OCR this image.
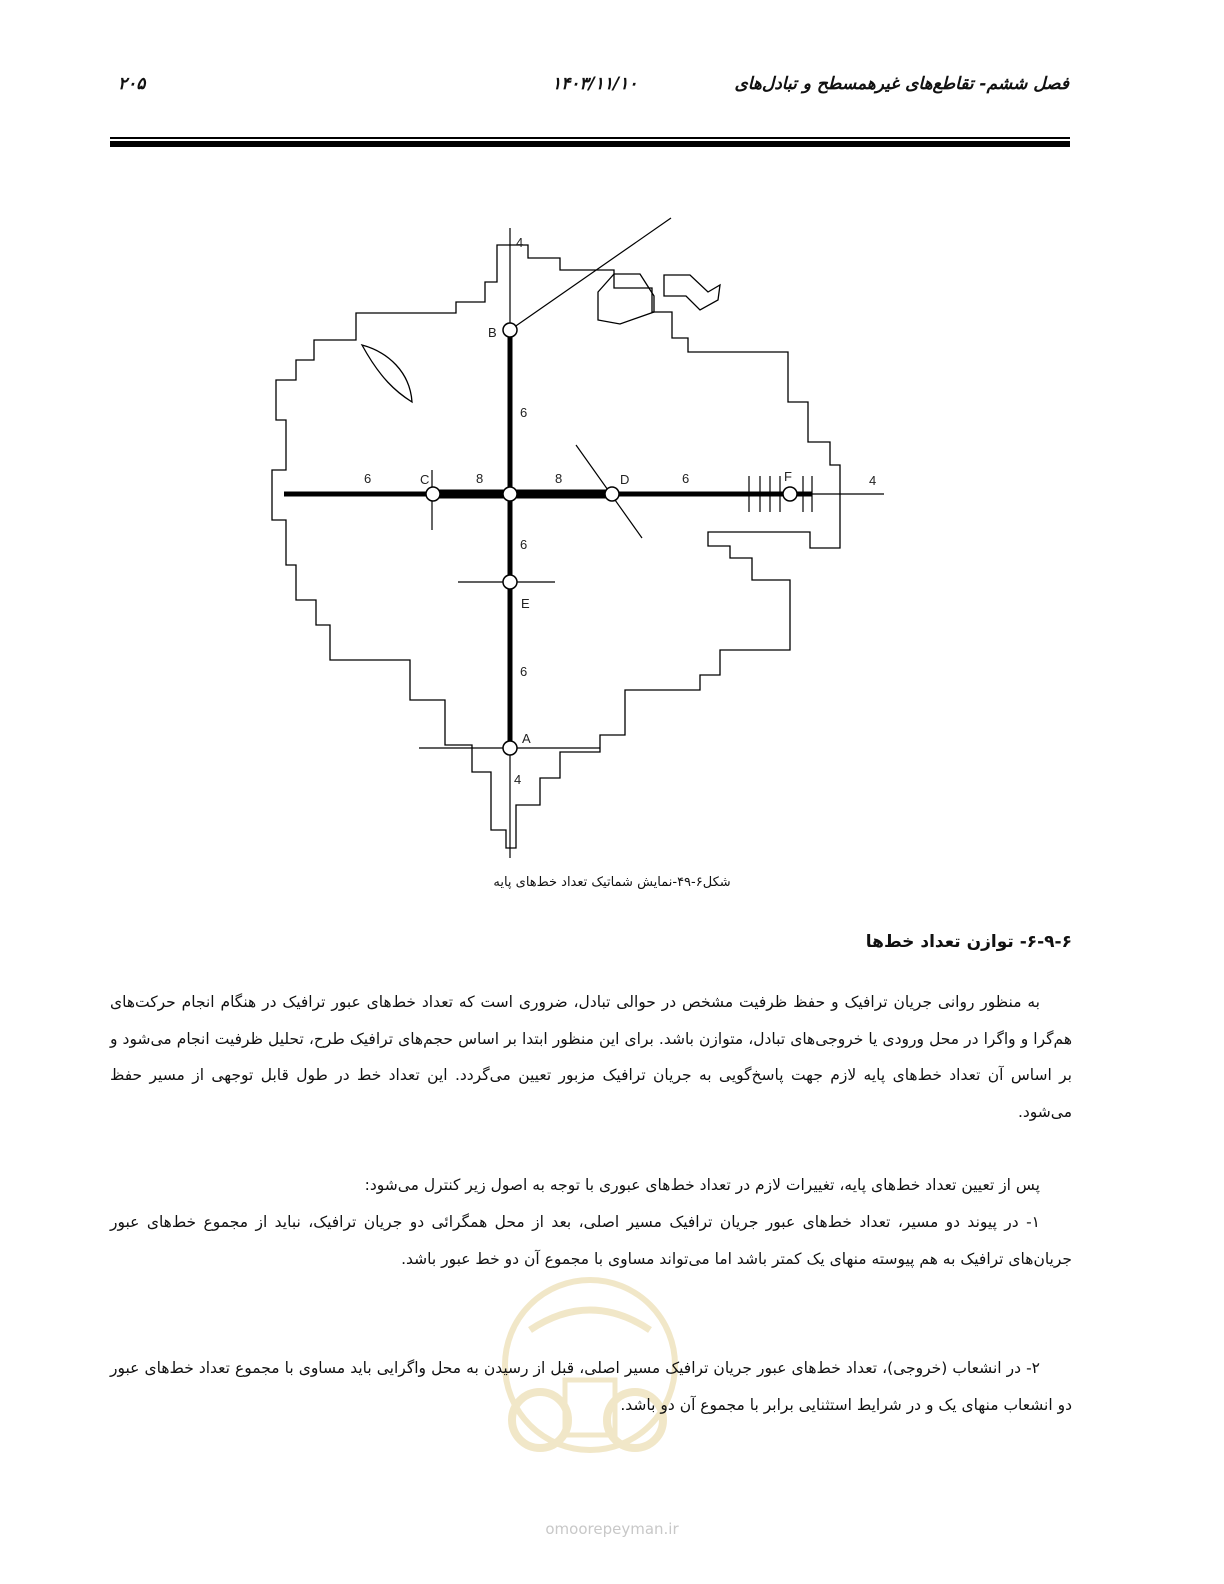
فصل ششم- تقاطع‌های غیرهمسطح و تبادل‌های
۱۴۰۳/۱۱/۱۰
۲۰۵
B
C	D	F
E
A
4
6
6
6
4
6	8	8	6	4
شکل۶-۴۹-نمایش شماتیک تعداد خط‌های پایه
۶-۹-۶- توازن تعداد خط‌ها
omoorepeyman.ir

به منظور روانی جریان ترافیک و حفظ ظرفیت مشخص در حوالی تبادل، ضروری است که تعداد خط‌های عبور ترافیک در هنگام انجام حرکت‌های هم‌گرا و واگرا در محل ورودی یا خروجی‌های تبادل، متوازن باشد. برای این منظور ابتدا بر اساس حجم‌های ترافیک طرح، تحلیل ظرفیت انجام می‌شود و بر اساس آن تعداد خط‌های پایه لازم جهت پاسخ‌گویی به جریان ترافیک مزبور تعیین می‌گردد. این تعداد خط در طول قابل توجهی از مسیر حفظ می‌شود.

پس از تعیین تعداد خط‌های پایه، تغییرات لازم در تعداد خط‌های عبوری با توجه به اصول زیر کنترل می‌شود:

۱- در پیوند دو مسیر، تعداد خط‌های عبور جریان ترافیک مسیر اصلی، بعد از محل همگرائی دو جریان ترافیک، نباید از مجموع خط‌های عبور جریان‌های ترافیک به هم پیوسته منهای یک کمتر باشد اما می‌تواند مساوی با مجموع آن دو خط عبور باشد.

۲- در انشعاب (خروجی)، تعداد خط‌های عبور جریان ترافیک مسیر اصلی، قبل از رسیدن به محل واگرایی باید مساوی با مجموع تعداد خط‌های عبور دو انشعاب منهای یک و در شرایط استثنایی برابر با مجموع آن دو باشد.
